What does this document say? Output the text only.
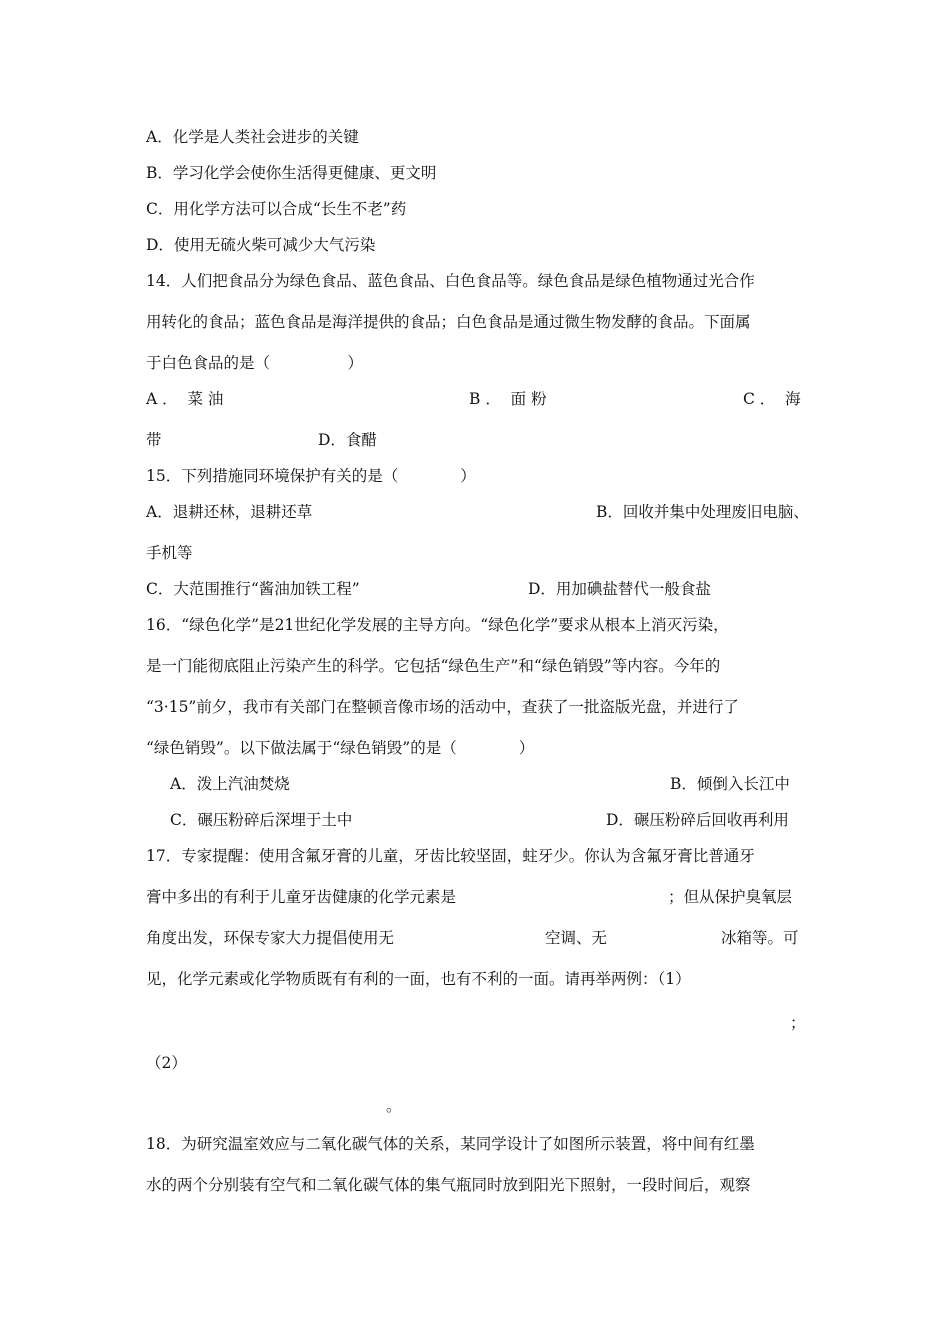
A．化学是人类社会进步的关键
B．学习化学会使你生活得更健康、更文明
C．用化学方法可以合成“长生不老”药
D．使用无硫火柴可减少大气污染
14．人们把食品分为绿色食品、蓝色食品、白色食品等。绿色食品是绿色植物通过光合作
用转化的食品；蓝色食品是海洋提供的食品；白色食品是通过微生物发酵的食品。下面属
于白色食品的是（　　　　　）
A ．  菜 油	B ．  面 粉	C ．  海
带	D．食醋
15．下列措施同环境保护有关的是（　　　　）
A．退耕还林，退耕还草	B．回收并集中处理废旧电脑、
手机等
C．大范围推行“酱油加铁工程”	D．用加碘盐替代一般食盐
16．“绿色化学”是21世纪化学发展的主导方向。“绿色化学”要求从根本上消灭污染，
是一门能彻底阻止污染产生的科学。它包括“绿色生产”和“绿色销毁”等内容。今年的
“3·15”前夕，我市有关部门在整顿音像市场的活动中，查获了一批盗版光盘，并进行了
“绿色销毁”。以下做法属于“绿色销毁”的是（　　　　）
A．泼上汽油焚烧	B．倾倒入长江中
C．碾压粉碎后深埋于土中	D．碾压粉碎后回收再利用
17．专家提醒：使用含氟牙膏的儿童，牙齿比较坚固，蛀牙少。你认为含氟牙膏比普通牙
膏中多出的有利于儿童牙齿健康的化学元素是	；但从保护臭氧层
角度出发，环保专家大力提倡使用无	空调、无	冰箱等。可
见，化学元素或化学物质既有有利的一面，也有不利的一面。请再举两例：（1）
；
（2）
。
18．为研究温室效应与二氧化碳气体的关系，某同学设计了如图所示装置，将中间有红墨
水的两个分别装有空气和二氧化碳气体的集气瓶同时放到阳光下照射，一段时间后，观察
